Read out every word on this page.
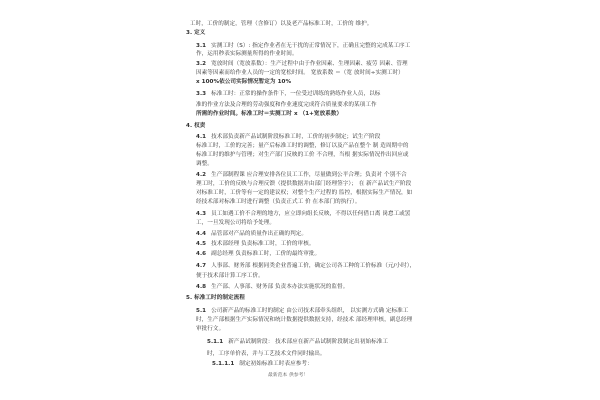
工时，工价的制定，管理（含修订）以及老产品标准工时，工价的 维护。
3. 定义
3.1 实测工时（S）: 指定作业者在无干扰的正常情况下，正确且完整的完成某工序工
作，运用秒表实际测量所得的作业时间。
3.2 宽放时间（宽放系数）：生产过程中由于作业因素、生理因素、疲劳 因素、管理
因素等因素而给作业人员的一定的宽松时间。 宽放系数 ＝（宽 放时间÷实测工时）
x 100%依公司实际情况暂定为 10%
3.3 标准工时：正常的操作条件下，一位受过训练的熟练作业人员，以标
准的作业方法及合理的劳动强度和作业速度完成符合质量要求的某项工作
所需的作业时间。标准工时＝实测工时 x （1+宽放系数）
4. 权责
4.1 技术部负责新产品试制阶段标准工时，工价的初步制定；试生产阶段
标准工时，工价的完善；量产后标准工时的调整，修订以及产品在整个 制 造周期中的
标准工时的维护与管理；对生产部门反映的工价 不合理，当根 据实际情况作出回应或
调整。
4.2 生产部制程课 应合理安排各位员工工作，尽量做到公平合理；负责对 个别不合
理工时，工价的反映与合理反馈（提供数据并由部门经理签字）； 在 新产品试生产阶段
对标准工时，工价等有一定的建议权；对整个生产过程的 监控，根据实际生产情况，如
经技术部对标准工时进行调整（负责正式工 价 在本部门的执行）。
4.3 员工如遇工价不合理的地方，应立即向组长反映，不得以任何借口离 岗怠工或罢
工，一旦发现公司将给予处理。
4.4 品管部对产品的质量作出正确的判定。
4.5 技术部经理 负责标准工时，工价的审核。
4.6 副总经理 负责标准工时，工价的最终审批。
4.7 人事部、财务部 根据同类企业普遍工价，确定公司各工种的工价标准（元/小时），
便于技术部计算工序工价。
4.8 生产部、人事部、财务部 负责本办法实施状况的监督。
5. 标准工时的制定流程
5.1 公司新产品的标准工时的制定 由公司技术部牵头组织， 以实测方式确 定标准工
时，生产部根据生产实际情况和统计数据提供数据支持，经技术 部经理审核，副总经理
审批行文。
5.1.1 新产品试制阶段： 技术部应在新产品试制阶段制定出初始标准工
时，工序单价表，并与工艺技术文件同时输出。
5.1.1.1 制定初始标准工时表应参考：
最新范本 供参考！
